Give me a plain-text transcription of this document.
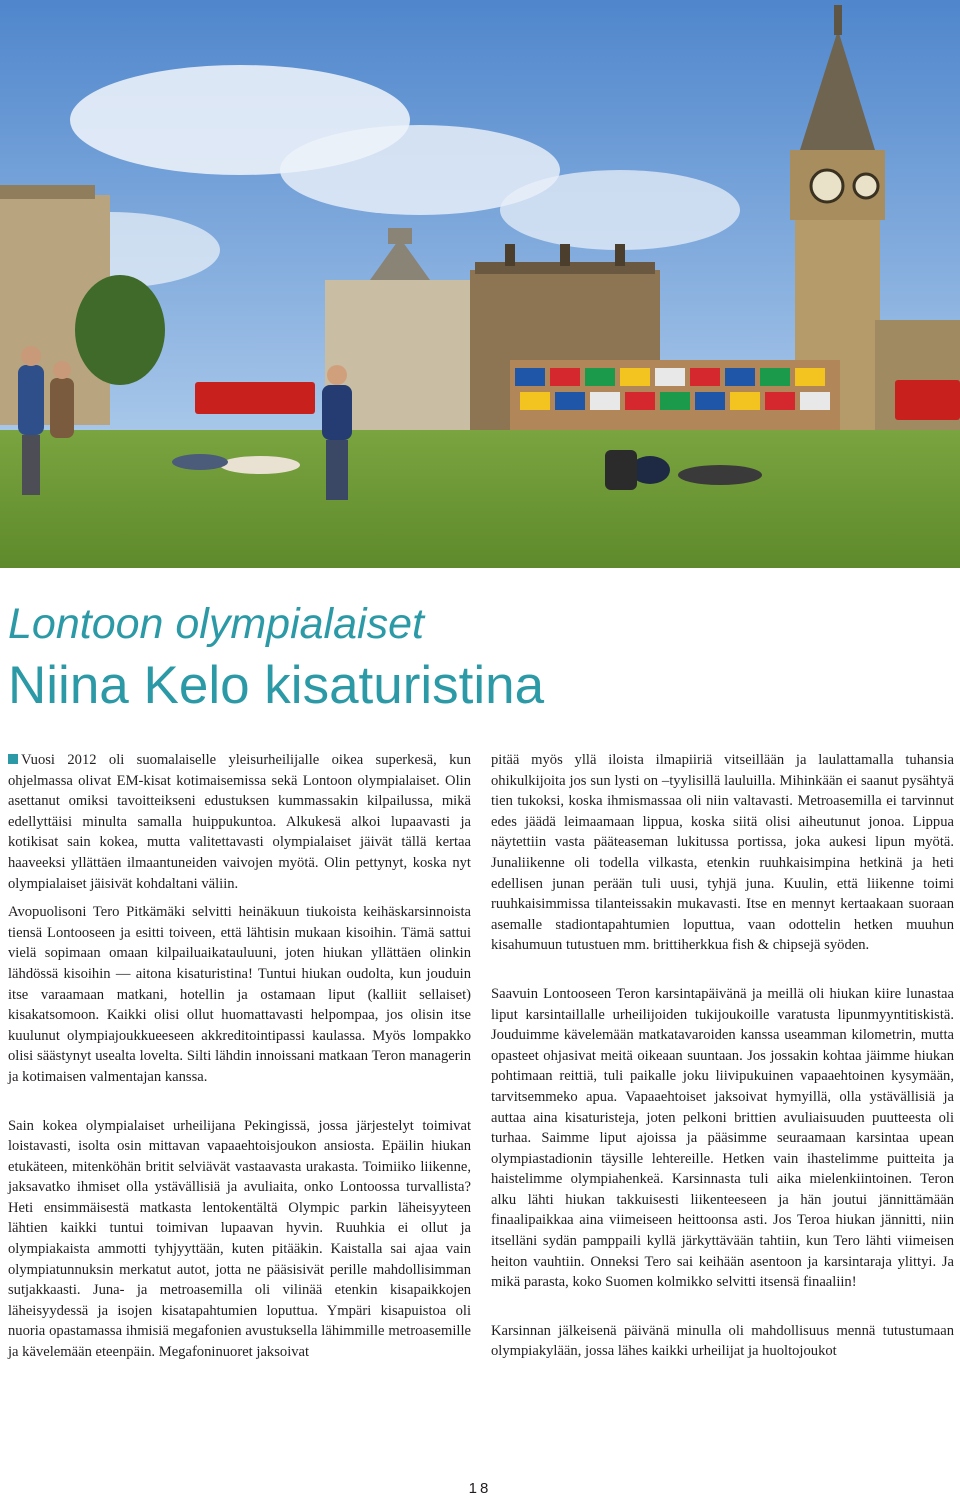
Lontoon olympialaiset
Niina Kelo kisaturistina

Vuosi 2012 oli suomalaiselle yleisurheilijalle oikea superkesä, kun ohjelmassa olivat EM-kisat kotimaisemissa sekä Lontoon olympialaiset. Olin asettanut omiksi tavoitteikseni edustuksen kummassakin kilpailussa, mikä edellyttäisi minulta samalla huippukuntoa. Alkukesä alkoi lupaavasti ja kotikisat sain kokea, mutta valitettavasti olympialaiset jäivät tällä kertaa haaveeksi yllättäen ilmaantuneiden vaivojen myötä. Olin pettynyt, koska nyt olympialaiset jäisivät kohdaltani väliin.

Avopuolisoni Tero Pitkämäki selvitti heinäkuun tiukoista keihäskarsinnoista tiensä Lontooseen ja esitti toiveen, että lähtisin mukaan kisoihin. Tämä sattui vielä sopimaan omaan kilpailuaikatauluuni, joten hiukan yllättäen olinkin lähdössä kisoihin — aitona kisaturistina! Tuntui hiukan oudolta, kun jouduin itse varaamaan matkani, hotellin ja ostamaan liput (kalliit sellaiset) kisakatsomoon. Kaikki olisi ollut huomattavasti helpompaa, jos olisin itse kuulunut olympiajoukkueeseen akkreditointipassi kaulassa. Myös lompakko olisi säästynyt usealta lovelta. Silti lähdin innoissani matkaan Teron managerin ja kotimaisen valmentajan kanssa.

Sain kokea olympialaiset urheilijana Pekingissä, jossa järjestelyt toimivat loistavasti, isolta osin mittavan vapaaehtoisjoukon ansiosta. Epäilin hiukan etukäteen, mitenköhän britit selviävät vastaavasta urakasta. Toimiiko liikenne, jaksavatko ihmiset olla ystävällisiä ja avuliaita, onko Lontoossa turvallista? Heti ensimmäisestä matkasta lentokentältä Olympic parkin läheisyyteen lähtien kaikki tuntui toimivan lupaavan hyvin. Ruuhkia ei ollut ja olympiakaista ammotti tyhjyyttään, kuten pitääkin. Kaistalla sai ajaa vain olympiatunnuksin merkatut autot, jotta ne pääsisivät perille mahdollisimman sutjakkaasti. Juna- ja metroasemilla oli vilinää etenkin kisapaikkojen läheisyydessä ja isojen kisatapahtumien loputtua. Ympäri kisapuistoa oli nuoria opastamassa ihmisiä megafonien avustuksella lähimmille metroasemille ja kävelemään eteenpäin. Megafoninuoret jaksoivat

pitää myös yllä iloista ilmapiiriä vitseillään ja laulattamalla tuhansia ohikulkijoita jos sun lysti on –tyylisillä lauluilla. Mihinkään ei saanut pysähtyä tien tukoksi, koska ihmismassaa oli niin valtavasti. Metroasemilla ei tarvinnut edes jäädä leimaamaan lippua, koska siitä olisi aiheutunut jonoa. Lippua näytettiin vasta pääteaseman lukitussa portissa, joka aukesi lipun myötä. Junaliikenne oli todella vilkasta, etenkin ruuhkaisimpina hetkinä ja heti edellisen junan perään tuli uusi, tyhjä juna. Kuulin, että liikenne toimi ruuhkaisimmissa tilanteissakin mukavasti. Itse en mennyt kertaakaan suoraan asemalle stadiontapahtumien loputtua, vaan odottelin hetken muuhun kisahumuun tutustuen mm. brittiherkkua fish & chipsejä syöden.

Saavuin Lontooseen Teron karsintapäivänä ja meillä oli hiukan kiire lunastaa liput karsintaillalle urheilijoiden tukijoukoille varatusta lipunmyyntitiskistä. Jouduimme kävelemään matkatavaroiden kanssa useamman kilometrin, mutta opasteet ohjasivat meitä oikeaan suuntaan. Jos jossakin kohtaa jäimme hiukan pohtimaan reittiä, tuli paikalle joku liivipukuinen vapaaehtoinen kysymään, tarvitsemmeko apua. Vapaaehtoiset jaksoivat hymyillä, olla ystävällisiä ja auttaa aina kisaturisteja, joten pelkoni brittien avuliaisuuden puutteesta oli turhaa. Saimme liput ajoissa ja pääsimme seuraamaan karsintaa upean olympiastadionin täysille lehtereille. Hetken vain ihastelimme puitteita ja haistelimme olympiahenkeä. Karsinnasta tuli aika mielenkiintoinen. Teron alku lähti hiukan takkuisesti liikenteeseen ja hän joutui jännittämään finaalipaikkaa aina viimeiseen heittoonsa asti. Jos Teroa hiukan jännitti, niin itselläni sydän pamppaili kyllä järkyttävään tahtiin, kun Tero lähti viimeisen heiton vauhtiin. Onneksi Tero sai keihään asentoon ja karsintaraja ylittyi. Ja mikä parasta, koko Suomen kolmikko selvitti itsensä finaaliin!

Karsinnan jälkeisenä päivänä minulla oli mahdollisuus mennä tutustumaan olympiakylään, jossa lähes kaikki urheilijat ja huoltojoukot

18
